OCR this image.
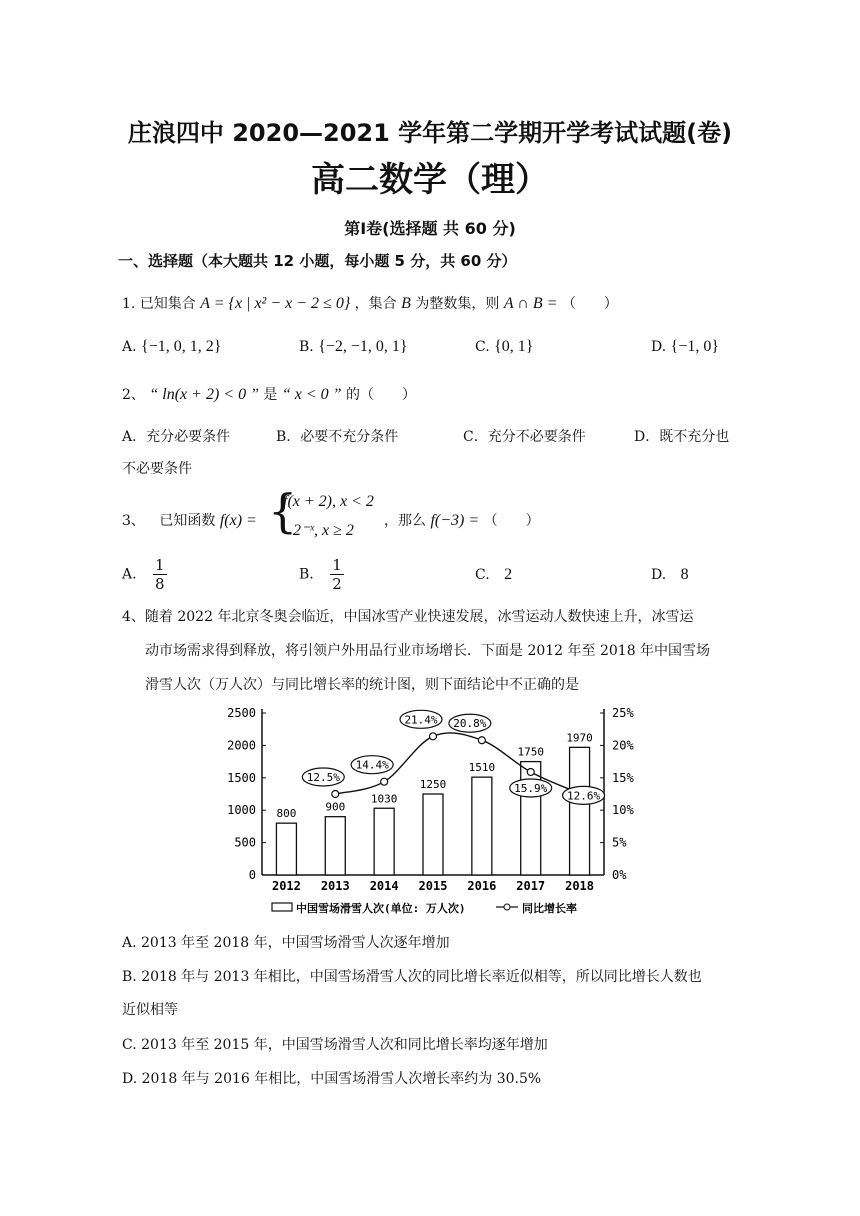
庄浪四中 2020—2021 学年第二学期开学考试试题(卷)
高二数学（理）
第Ⅰ卷(选择题 共 60 分)
一、选择题（本大题共 12 小题，每小题 5 分，共 60 分）
1. 已知集合 A = {x | x² − x − 2 ≤ 0} ，集合 B 为整数集，则 A ∩ B = （　　）
A. {−1, 0, 1, 2}	B. {−2, −1, 0, 1}	C. {0, 1}	D. {−1, 0}
2、 “ ln(x + 2) < 0 ” 是 “ x < 0 ” 的（　　）
A．充分必要条件	B．必要不充分条件	C．充分不必要条件	D．既不充分也
不必要条件
3、 已知函数 f(x) = {
f(x + 2), x < 2
2⁻ˣ, x ≥ 2
，那么 f(−3) = （　　）
A. $\frac{1}{8}$	B. $\frac{1}{2}$	C. 2	D. 8
4、随着 2022 年北京冬奥会临近，中国冰雪产业快速发展，冰雪运动人数快速上升，冰雪运
动市场需求得到释放，将引领户外用品行业市场增长．下面是 2012 年至 2018 年中国雪场
滑雪人次（万人次）与同比增长率的统计图，则下面结论中不正确的是
0
500
1000
1500
2000
2500
0%
5%
10%
15%
20%
25%
800	900
1030
1250
1510
1750
1970
2012 2013 2014 2015 2016 2017 2018
12.5%
14.4%
21.4% 20.8%
15.9%
12.6%
中国雪场滑雪人次(单位: 万人次)	同比增长率
A. 2013 年至 2018 年，中国雪场滑雪人次逐年增加
B. 2018 年与 2013 年相比，中国雪场滑雪人次的同比增长率近似相等，所以同比增长人数也
近似相等
C. 2013 年至 2015 年，中国雪场滑雪人次和同比增长率均逐年增加
D. 2018 年与 2016 年相比，中国雪场滑雪人次增长率约为 30.5%
